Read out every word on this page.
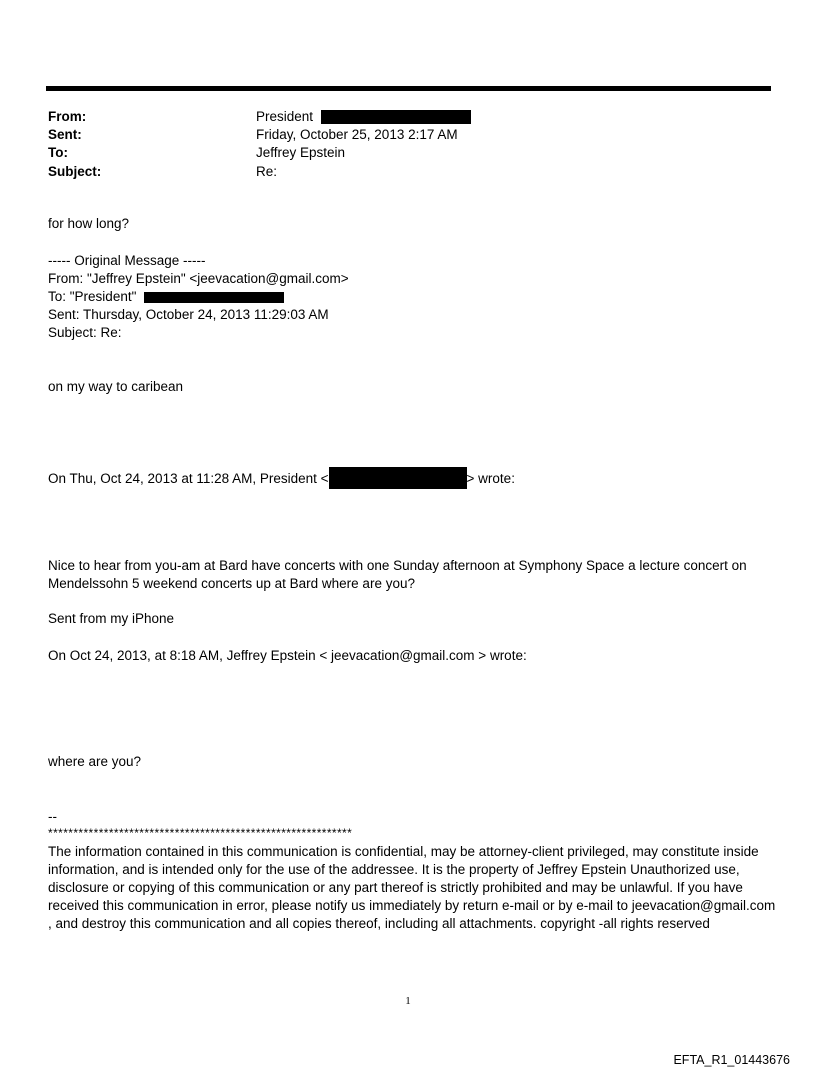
From:	President
Sent:	Friday, October 25, 2013 2:17 AM
To:	Jeffrey Epstein
Subject:	Re:
for how long?
----- Original Message -----
From: "Jeffrey Epstein" <jeevacation@gmail.com>
To: "President"
Sent: Thursday, October 24, 2013 11:29:03 AM
Subject: Re:
on my way to caribean
On Thu, Oct 24, 2013 at 11:28 AM, President <	> wrote:
Nice to hear from you-am at Bard have concerts with one Sunday afternoon at Symphony Space a lecture concert on Mendelssohn 5 weekend concerts up at Bard where are you?
Sent from my iPhone
On Oct 24, 2013, at 8:18 AM, Jeffrey Epstein < jeevacation@gmail.com > wrote:
where are you?
--
************************************************************
The information contained in this communication is confidential, may be attorney-client privileged, may constitute inside information, and is intended only for the use of the addressee. It is the property of Jeffrey Epstein Unauthorized use, disclosure or copying of this communication or any part thereof is strictly prohibited and may be unlawful. If you have received this communication in error, please notify us immediately by return e-mail or by e-mail to jeevacation@gmail.com , and destroy this communication and all copies thereof, including all attachments. copyright -all rights reserved
1
EFTA_R1_01443676
